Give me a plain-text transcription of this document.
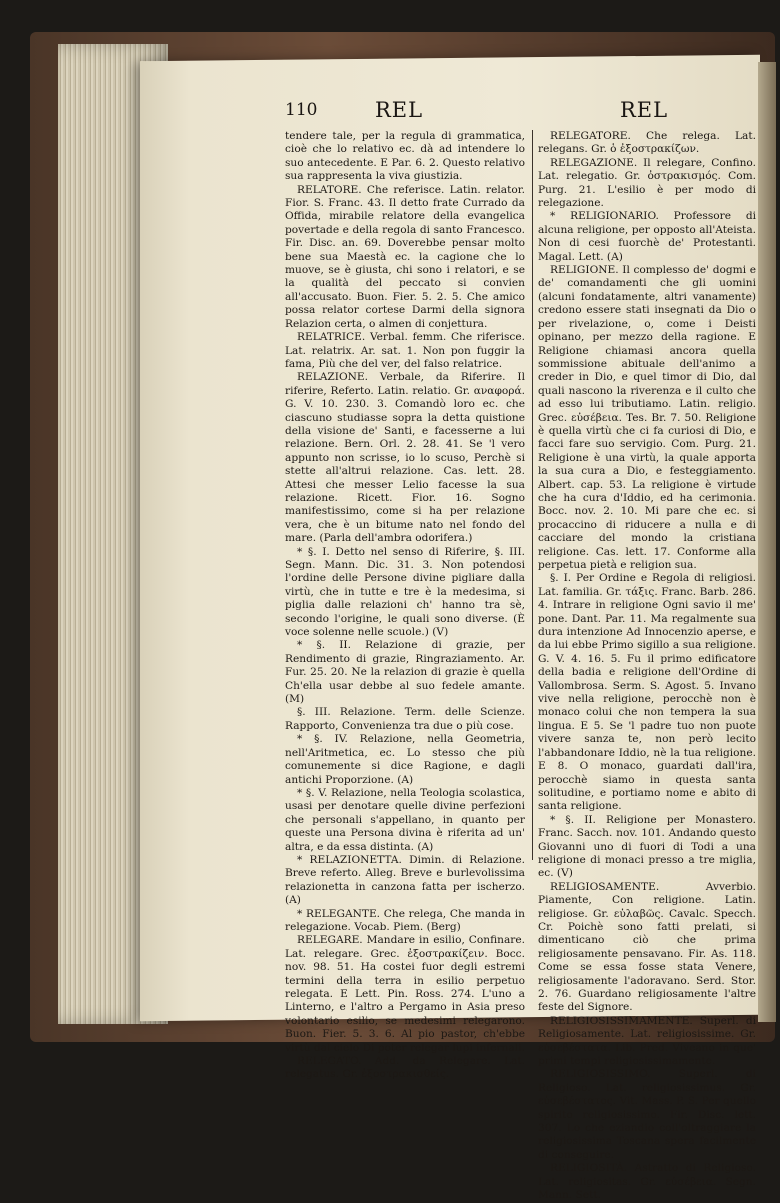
110	REL	REL

tendere tale, per la regula di grammatica, cioè che lo relativo ec. dà ad intendere lo suo antecedente. E Par. 6. 2. Questo relativo sua rappresenta la viva giustizia.

RELATORE. Che referisce. Latin. relator. Fior. S. Franc. 43. Il detto frate Currado da Offida, mirabile relatore della evangelica povertade e della regola di santo Francesco. Fir. Disc. an. 69. Doverebbe pensar molto bene sua Maestà ec. la cagione che lo muove, se è giusta, chi sono i relatori, e se la qualità del peccato si convien all'accusato. Buon. Fier. 5. 2. 5. Che amico possa relator cortese Darmi della signora Relazion certa, o almen di conjettura.

RELATRICE. Verbal. femm. Che riferisce. Lat. relatrix. Ar. sat. 1. Non pon fuggir la fama, Più che del ver, del falso relatrice.

RELAZIONE. Verbale, da Riferire. Il riferire, Referto. Latin. relatio. Gr. αναφορά. G. V. 10. 230. 3. Comandò loro ec. che ciascuno studiasse sopra la detta quistione della visione de' Santi, e facesserne a lui relazione. Bern. Orl. 2. 28. 41. Se 'l vero appunto non scrisse, io lo scuso, Perchè si stette all'altrui relazione. Cas. lett. 28. Attesi che messer Lelio facesse la sua relazione. Ricett. Fior. 16. Sogno manifestissimo, come si ha per relazione vera, che è un bitume nato nel fondo del mare. (Parla dell'ambra odorifera.)

* §. I. Detto nel senso di Riferire, §. III. Segn. Mann. Dic. 31. 3. Non potendosi l'ordine delle Persone divine pigliare dalla virtù, che in tutte e tre è la medesima, si piglia dalle relazioni ch' hanno tra sè, secondo l'origine, le quali sono diverse. (È voce solenne nelle scuole.) (V)

* §. II. Relazione di grazie, per Rendimento di grazie, Ringraziamento. Ar. Fur. 25. 20. Ne la relazion di grazie è quella Ch'ella usar debbe al suo fedele amante. (M)

§. III. Relazione. Term. delle Scienze. Rapporto, Convenienza tra due o più cose.

* §. IV. Relazione, nella Geometria, nell'Aritmetica, ec. Lo stesso che più comunemente si dice Ragione, e dagli antichi Proporzione. (A)

* §. V. Relazione, nella Teologia scolastica, usasi per denotare quelle divine perfezioni che personali s'appellano, in quanto per queste una Persona divina è riferita ad un' altra, e da essa distinta. (A)

* RELAZIONETTA. Dimin. di Relazione. Breve referto. Alleg. Breve e burlevolissima relazionetta in canzona fatta per ischerzo. (A)

* RELEGANTE. Che relega, Che manda in relegazione. Vocab. Piem. (Berg)

RELEGARE. Mandare in esilio, Confinare. Lat. relegare. Grec. ἐξοστρακίζειν. Bocc. nov. 98. 51. Ha costei fuor degli estremi termini della terra in esilio perpetuo relegata. E Lett. Pin. Ross. 274. L'uno a Linterno, e l'altro a Pergamo in Asia preso volontario esilio, se medesimi relegarono. Buon. Fier. 5. 3. 6. Al pio pastor, ch'ebbe virtù dal cielo Di poter relegar lupi infernali.

RELEGATO. Add. da Relegare. Lat. relegatus. Gr. ἐξοστρακισθείς.

RELEGATORE. Che relega. Lat. relegans. Gr. ὁ ἐξοστρακίζων.

RELEGAZIONE. Il relegare, Confino. Lat. relegatio. Gr. ὀστρακισμός. Com. Purg. 21. L'esilio è per modo di relegazione.

* RELIGIONARIO. Professore di alcuna religione, per opposto all'Ateista. Non di cesi fuorchè de' Protestanti. Magal. Lett. (A)

RELIGIONE. Il complesso de' dogmi e de' comandamenti che gli uomini (alcuni fondatamente, altri vanamente) credono essere stati insegnati da Dio o per rivelazione, o, come i Deisti opinano, per mezzo della ragione. E Religione chiamasi ancora quella sommissione abituale dell'animo a creder in Dio, e quel timor di Dio, dal quali nascono la riverenza e il culto che ad esso lui tributiamo. Latin. religio. Grec. εὐσέβεια. Tes. Br. 7. 50. Religione è quella virtù che ci fa curiosi di Dio, e facci fare suo servigio. Com. Purg. 21. Religione è una virtù, la quale apporta la sua cura a Dio, e festeggiamento. Albert. cap. 53. La religione è virtude che ha cura d'Iddio, ed ha cerimonia. Bocc. nov. 2. 10. Mi pare che ec. si procaccino di riducere a nulla e di cacciare del mondo la cristiana religione. Cas. lett. 17. Conforme alla perpetua pietà e religion sua.

§. I. Per Ordine e Regola di religiosi. Lat. familia. Gr. τάξις. Franc. Barb. 286. 4. Intrare in religione Ogni savio il me' pone. Dant. Par. 11. Ma regalmente sua dura intenzione Ad Innocenzio aperse, e da lui ebbe Primo sigillo a sua religione. G. V. 4. 16. 5. Fu il primo edificatore della badia e religione dell'Ordine di Vallombrosa. Serm. S. Agost. 5. Invano vive nella religione, perocchè non è monaco colui che non tempera la sua lingua. E 5. Se 'l padre tuo non puote vivere sanza te, non però lecito l'abbandonare Iddio, nè la tua religione. E 8. O monaco, guardati dall'ira, perocchè siamo in questa santa solitudine, e portiamo nome e abito di santa religione.

* §. II. Religione per Monastero. Franc. Sacch. nov. 101. Andando questo Giovanni uno di fuori di Todi a una religione di monaci presso a tre miglia, ec. (V)

RELIGIOSAMENTE. Avverbio. Piamente, Con religione. Latin. religiose. Gr. εὐλαβῶς. Cavalc. Specch. Cr. Poichè sono fatti prelati, si dimenticano ciò che prima religiosamente pensavano. Fir. As. 118. Come se essa fosse stata Venere, religiosamente l'adoravano. Serd. Stor. 2. 76. Guardano religiosamente l'altre feste del Signore.

RELIGIOSISSIMAMENTE. Superl. di Religiosamente. Lat. religiosissime. Gr. εὐσεβέστατα. Lib. Pred. Viveano in que' primi tempi religiosissimamente.

RELIGIOSISSIMO. Superl. di Religioso. Lat. religiosissimus. Gr. εὐσεβέστατος. Vit. Mass. P. S. Per quello spirito religiosissimo. Fir. Disc. lett. 307. Lo che eziandio coll'oltraggiare la religiosissima Toscana spera facilmente di conseguire.

RELIGIOSITÀ. Astratto di Religioso. Lat. religiositas. Gr. εὐσέβεια. Segn. Mann. Sett.
